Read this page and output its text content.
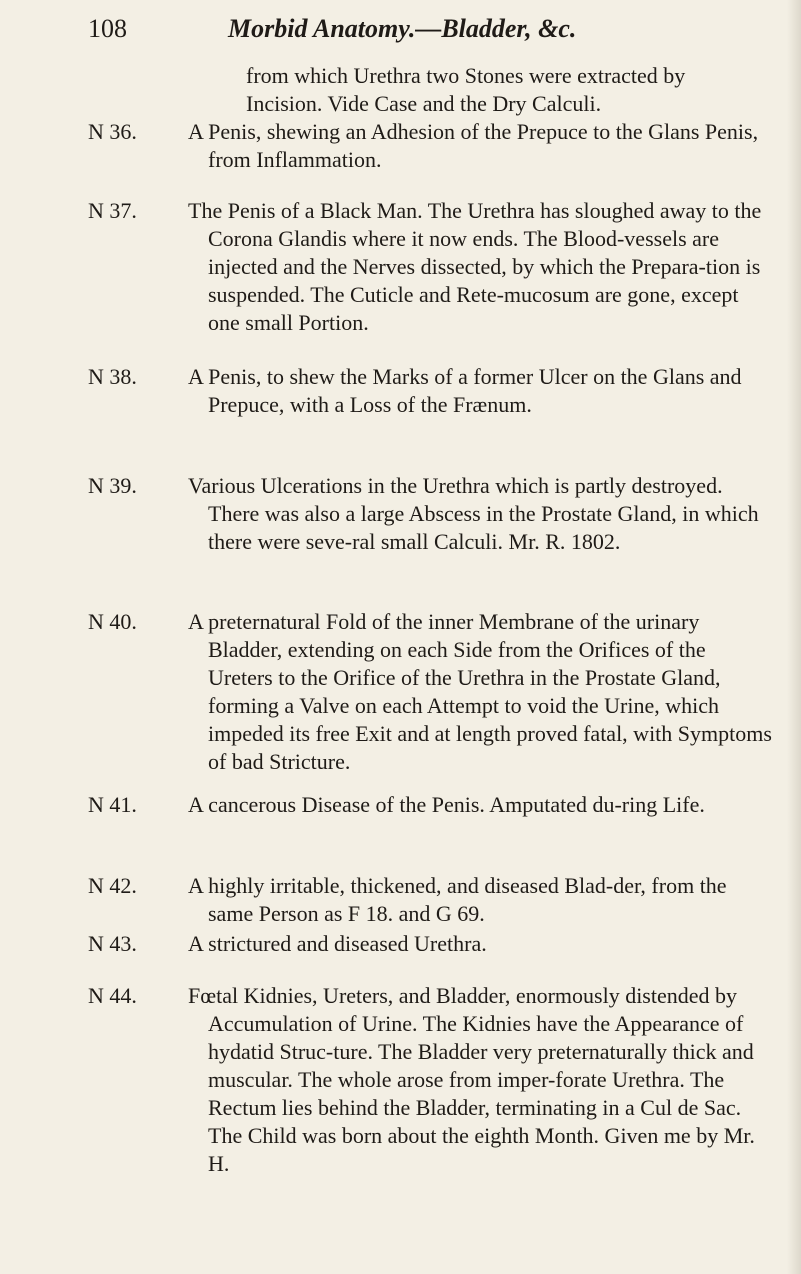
108	Morbid Anatomy.—Bladder, &c.
from which Urethra two Stones were extracted by Incision. Vide Case and the Dry Calculi.
N 36. A Penis, shewing an Adhesion of the Prepuce to the Glans Penis, from Inflammation.
N 37. The Penis of a Black Man. The Urethra has sloughed away to the Corona Glandis where it now ends. The Blood-vessels are injected and the Nerves dissected, by which the Prepara-tion is suspended. The Cuticle and Rete-mucosum are gone, except one small Portion.
N 38. A Penis, to shew the Marks of a former Ulcer on the Glans and Prepuce, with a Loss of the Frænum.
N 39. Various Ulcerations in the Urethra which is partly destroyed. There was also a large Abscess in the Prostate Gland, in which there were seve-ral small Calculi. Mr. R. 1802.
N 40. A preternatural Fold of the inner Membrane of the urinary Bladder, extending on each Side from the Orifices of the Ureters to the Orifice of the Urethra in the Prostate Gland, forming a Valve on each Attempt to void the Urine, which impeded its free Exit and at length proved fatal, with Symptoms of bad Stricture.
N 41. A cancerous Disease of the Penis. Amputated du-ring Life.
N 42. A highly irritable, thickened, and diseased Blad-der, from the same Person as F 18. and G 69.
N 43. A strictured and diseased Urethra.
N 44. Fœtal Kidnies, Ureters, and Bladder, enormously distended by Accumulation of Urine. The Kidnies have the Appearance of hydatid Struc-ture. The Bladder very preternaturally thick and muscular. The whole arose from imper-forate Urethra. The Rectum lies behind the Bladder, terminating in a Cul de Sac. The Child was born about the eighth Month. Given me by Mr. H.
